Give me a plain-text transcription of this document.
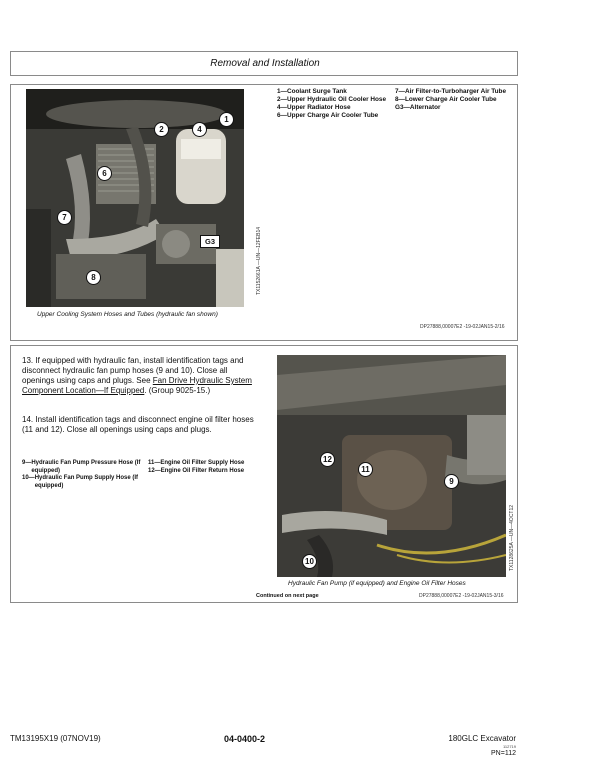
Removal and Installation
1
2	4
6
7
8
G3	TX1152661A —UN—12FEB14
Upper Cooling System Hoses and Tubes (hydraulic fan shown)
DP27888,00007E2 -19-02JAN15-2/16
1— Coolant Surge Tank
2— Upper Hydraulic Oil Cooler Hose
4— Upper Radiator Hose
6— Upper Charge Air Cooler Tube
7— Air Filter-to-Turboharger Air Tube
8— Lower Charge Air Cooler Tube
G3— Alternator
13. If equipped with hydraulic fan, install identification tags and disconnect hydraulic fan pump hoses (9 and 10). Close all openings using caps and plugs. See Fan Drive Hydraulic System Component Location—If Equipped. (Group 9025-15.)
14. Install identification tags and disconnect engine oil filter hoses (11 and 12). Close all openings using caps and plugs.
9— Hydraulic Fan Pump Pressure Hose (If equipped)
10— Hydraulic Fan Pump Supply Hose (If equipped)
11— Engine Oil Filter Supply Hose
12— Engine Oil Filter Return Hose
12
11
9
10	TX1128625A —UN—4OCT12
Hydraulic Fan Pump (if equipped) and Engine Oil Filter Hoses
DP27888,00007E2 -19-02JAN15-3/16
Continued on next page
TM13195X19 (07NOV19)	04-0400-2	180GLC Excavator
112719
PN=112
